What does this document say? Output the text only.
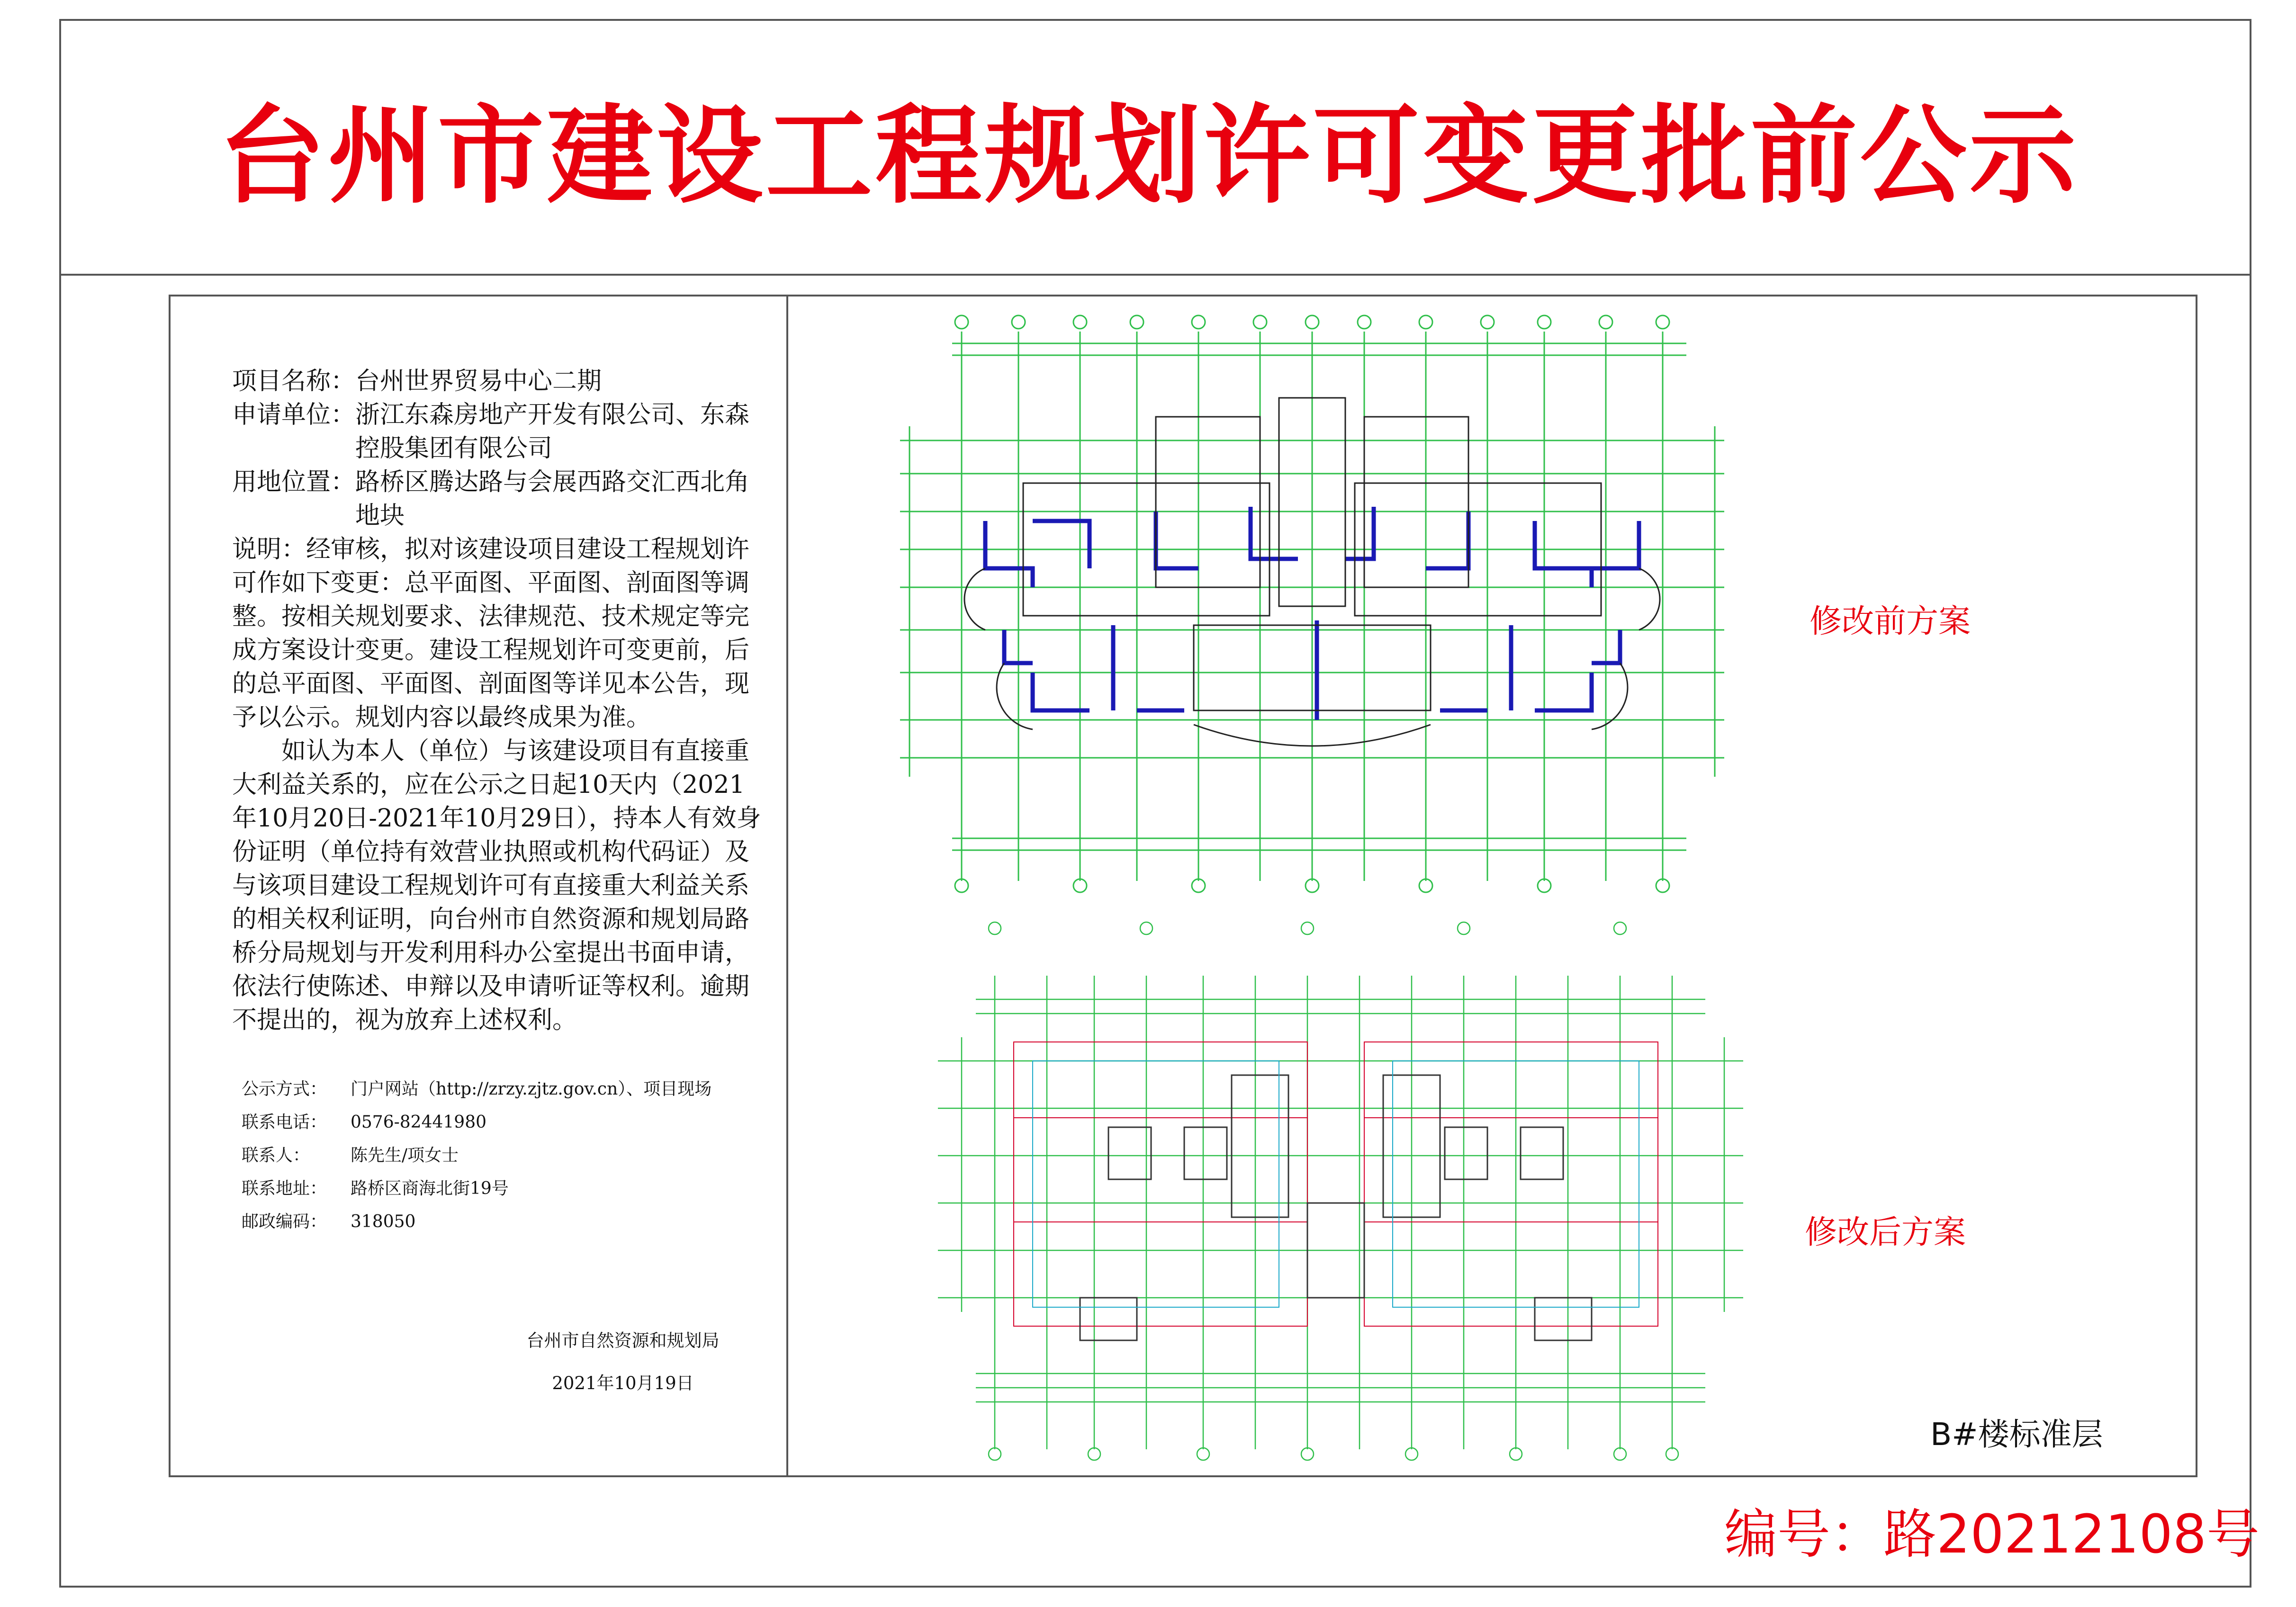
台州市建设工程规划许可变更批前公示

项目名称： 台州世界贸易中心二期

申请单位： 浙江东森房地产开发有限公司、东森控股集团有限公司

用地位置： 路桥区腾达路与会展西路交汇西北角地块

说明：经审核，拟对该建设项目建设工程规划许可作如下变更：总平面图、平面图、剖面图等调整。按相关规划要求、法律规范、技术规定等完成方案设计变更。建设工程规划许可变更前，后的总平面图、平面图、剖面图等详见本公告，现予以公示。规划内容以最终成果为准。

如认为本人（单位）与该建设项目有直接重大利益关系的，应在公示之日起10天内（2021年10月20日-2021年10月29日），持本人有效身份证明（单位持有效营业执照或机构代码证）及与该项目建设工程规划许可有直接重大利益关系的相关权利证明，向台州市自然资源和规划局路桥分局规划与开发利用科办公室提出书面申请，依法行使陈述、申辩以及申请听证等权利。逾期不提出的，视为放弃上述权利。

公示方式：	门户网站（http://zrzy.zjtz.gov.cn）、项目现场
联系电话：	0576-82441980
联系人：	陈先生/项女士
联系地址：	路桥区商海北街19号
邮政编码：	318050
台州市自然资源和规划局
2021年10月19日
修改前方案
修改后方案
B#楼标准层
编号：路20212108号
